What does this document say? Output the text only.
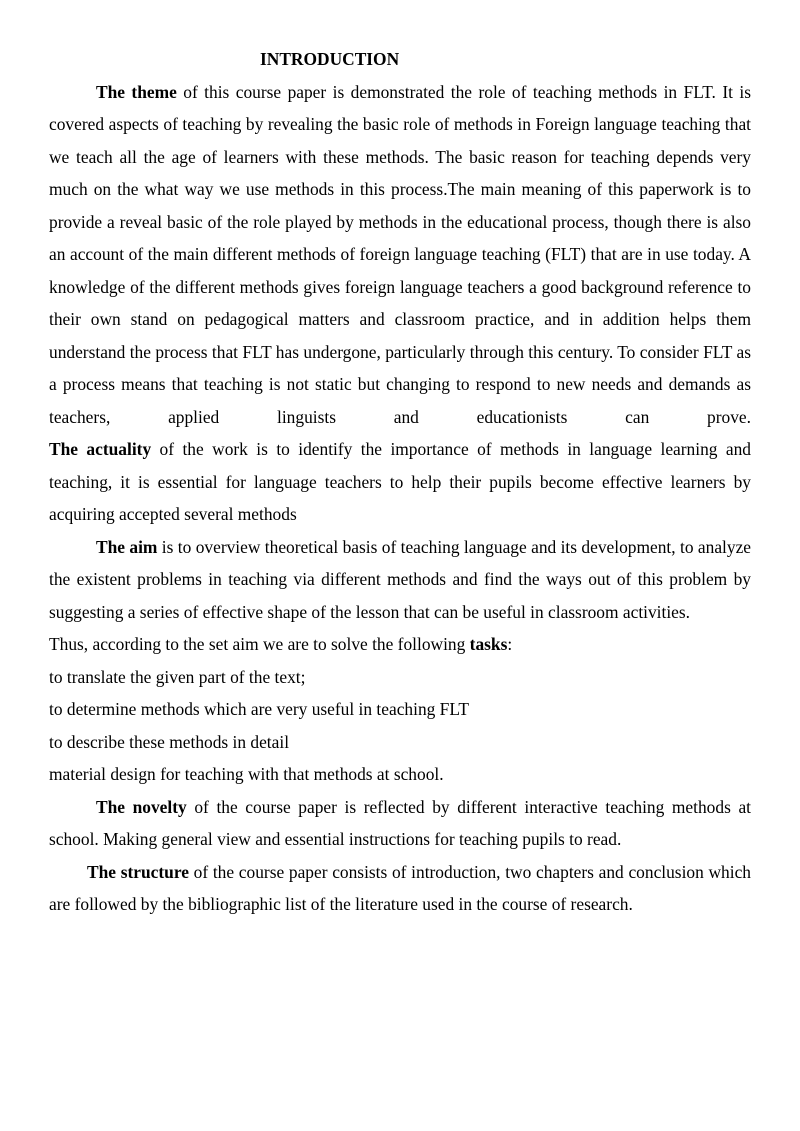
INTRODUCTION

The theme of this course paper is demonstrated the role of teaching methods in FLT. It is covered aspects of teaching by revealing the basic role of methods in Foreign language teaching that we teach all the age of learners with these methods. The basic reason for teaching depends very much on the what way we use methods in this process.The main meaning of this paperwork is to provide a reveal basic of the role played by methods in the educational process, though there is also an account of the main different methods of foreign language teaching (FLT) that are in use today. A knowledge of the different methods gives foreign language teachers a good background reference to their own stand on pedagogical matters and classroom practice, and in addition helps them understand the process that FLT has undergone, particularly through this century. To consider FLT as a process means that teaching is not static but changing to respond to new needs and demands as teachers, applied linguists and educationists can prove.

The actuality of the work is to identify the importance of methods in language learning and teaching, it is essential for language teachers to help their pupils become effective learners by acquiring accepted several methods

The aim is to overview theoretical basis of teaching language and its development, to analyze the existent problems in teaching via different methods and find the ways out of this problem by suggesting a series of effective shape of the lesson that can be useful in classroom activities.

Thus, according to the set aim we are to solve the following tasks:

to translate the given part of the text;

to determine methods which are very useful in teaching FLT

to describe these methods in detail

material design for teaching with that methods at school.

The novelty of the course paper is reflected by different interactive teaching methods at school. Making general view and essential instructions for teaching pupils to read.

The structure of the course paper consists of introduction, two chapters and conclusion which are followed by the bibliographic list of the literature used in the course of research.
